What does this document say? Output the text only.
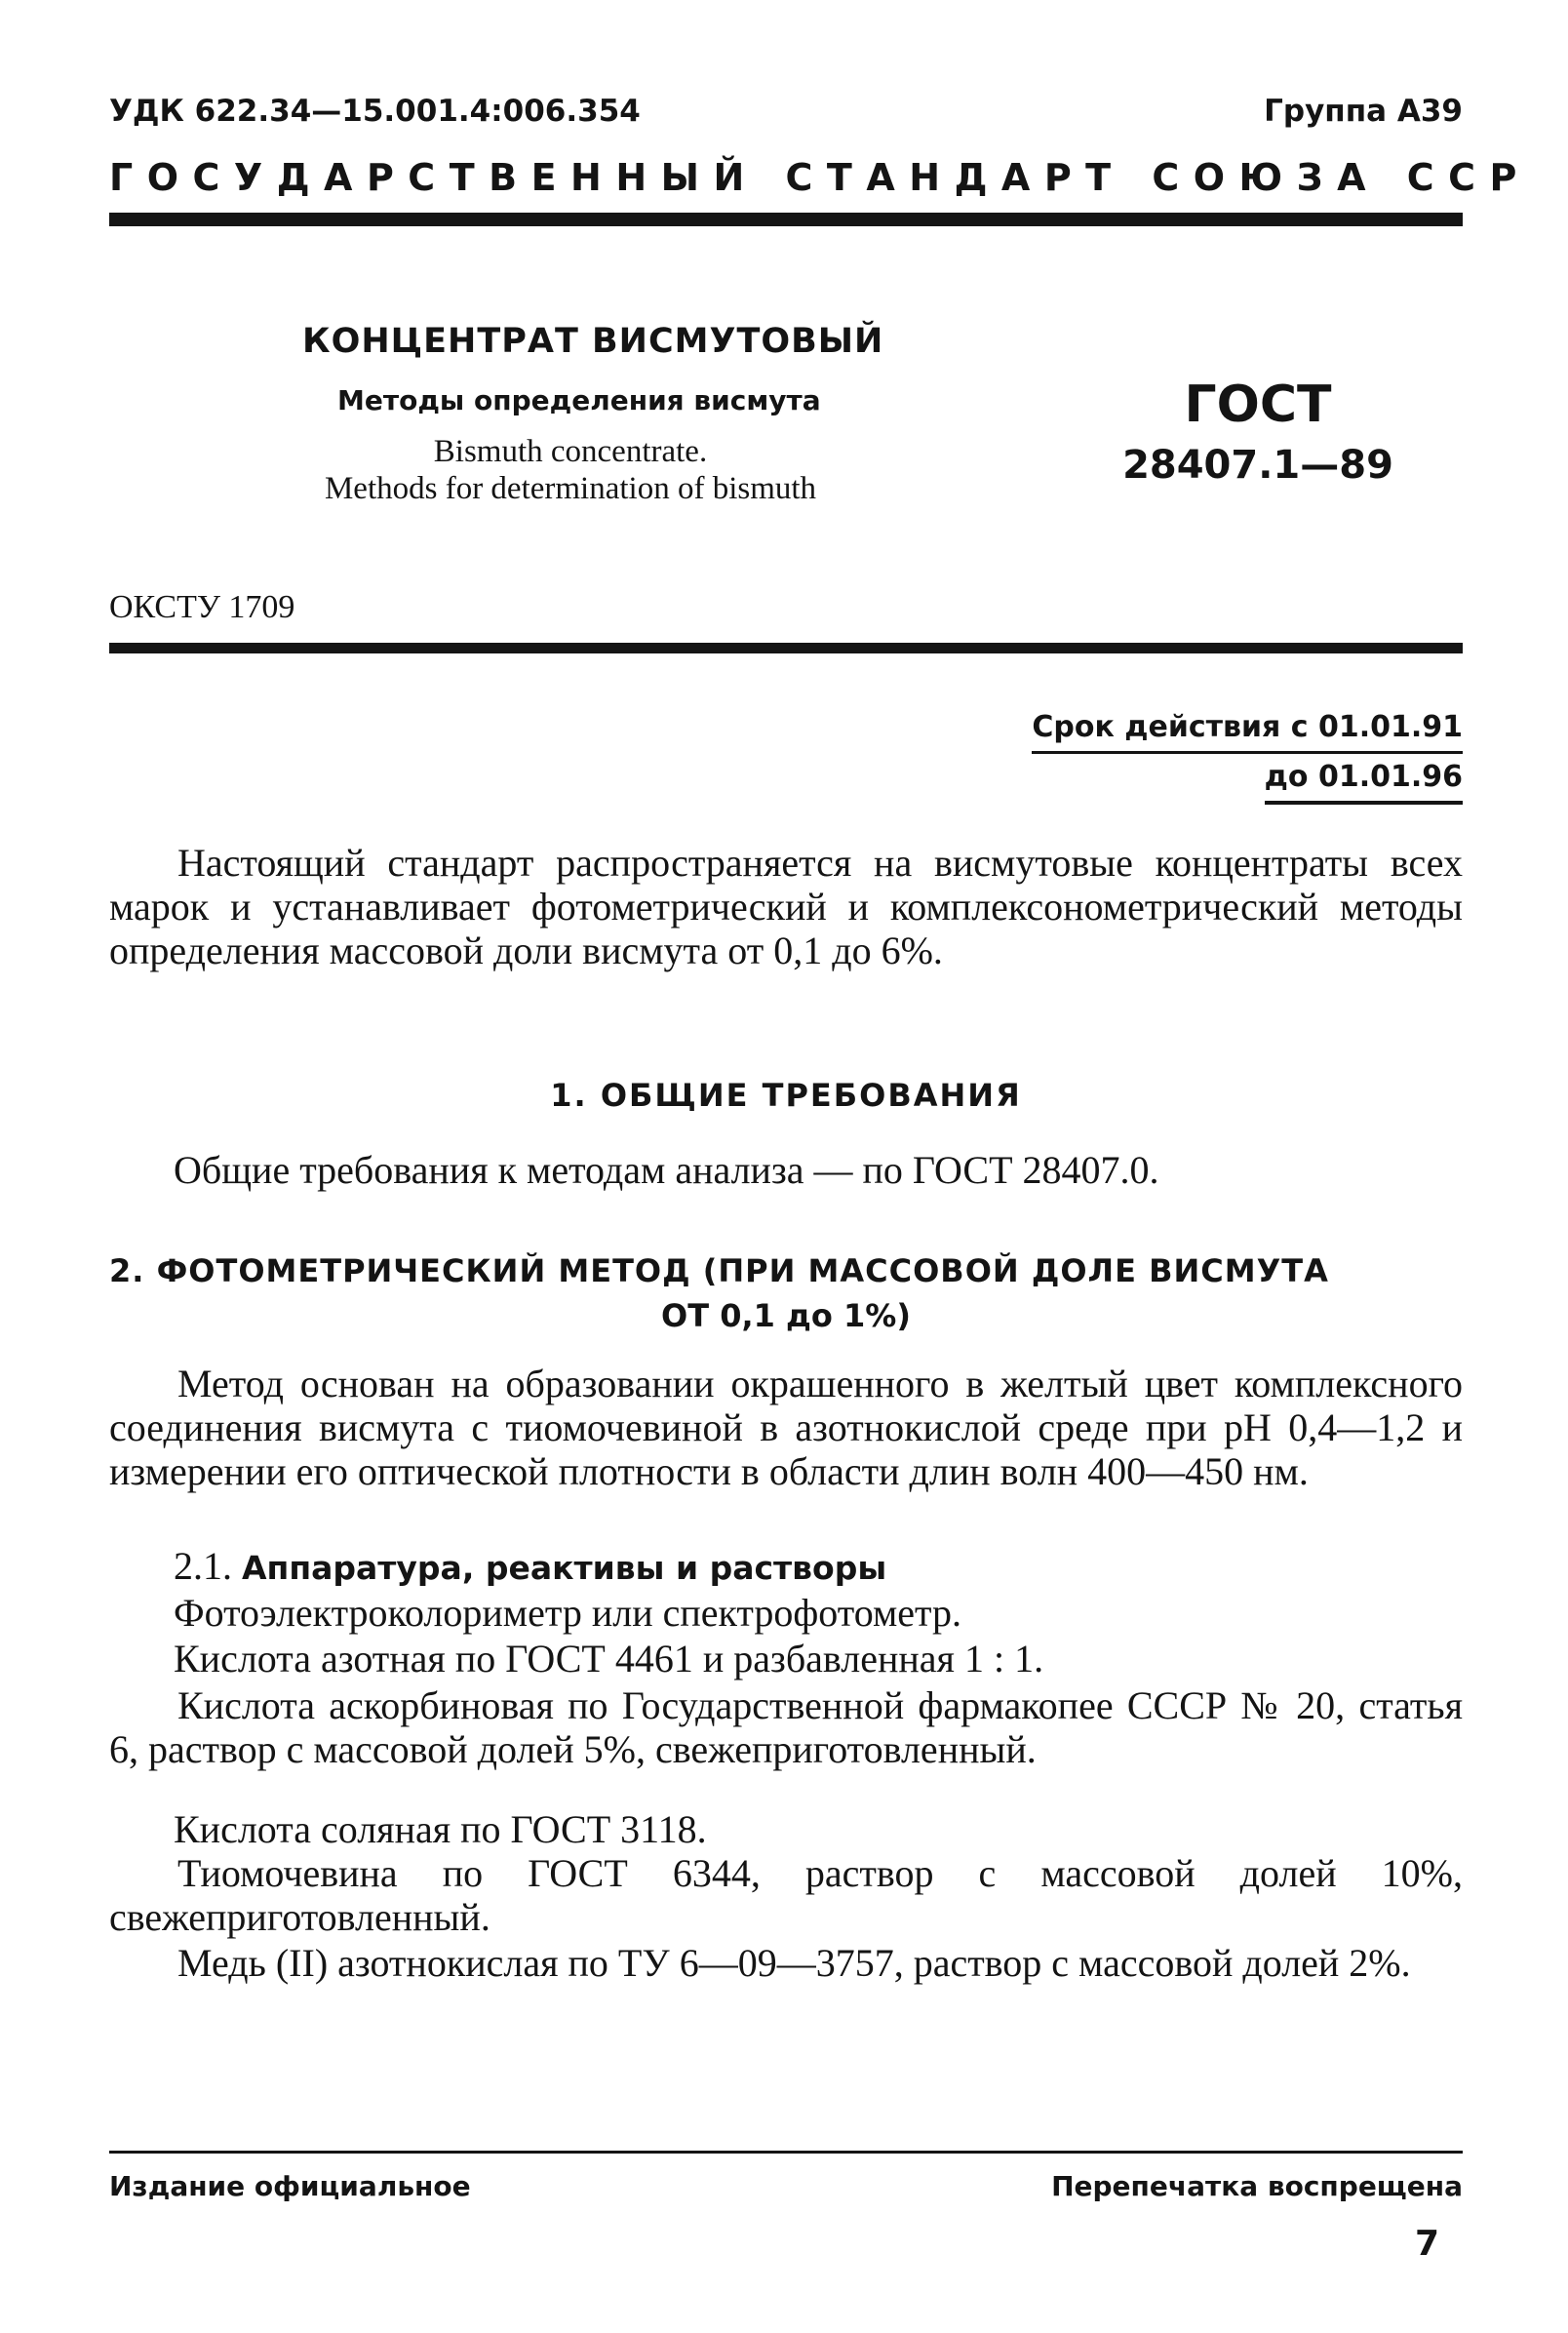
УДК 622.34—15.001.4:006.354	Группа А39
ГОСУДАРСТВЕННЫЙ СТАНДАРТ СОЮЗА ССР
КОНЦЕНТРАТ ВИСМУТОВЫЙ
Методы определения висмута
Bismuth concentrate.
Methods for determination of bismuth
ГОСТ
28407.1—89
ОКСТУ 1709
Срок действия с 01.01.91
до 01.01.96
Настоящий стандарт распространяется на висмутовые концентраты всех марок и устанавливает фотометрический и комплексонометрический методы определения массовой доли висмута от 0,1 до 6%.
1. ОБЩИЕ ТРЕБОВАНИЯ
Общие требования к методам анализа — по ГОСТ 28407.0.
2. ФОТОМЕТРИЧЕСКИЙ МЕТОД (ПРИ МАССОВОЙ ДОЛЕ ВИСМУТА
ОТ 0,1 до 1%)
Метод основан на образовании окрашенного в желтый цвет комплексного соединения висмута с тиомочевиной в азотнокислой среде при pH 0,4—1,2 и измерении его оптической плотности в области длин волн 400—450 нм.
2.1. Аппаратура, реактивы и растворы
Фотоэлектроколориметр или спектрофотометр.
Кислота азотная по ГОСТ 4461 и разбавленная 1 : 1.
Кислота аскорбиновая по Государственной фармакопее СССР № 20, статья 6, раствор с массовой долей 5%, свежеприготовленный.
Кислота соляная по ГОСТ 3118.
Тиомочевина по ГОСТ 6344, раствор с массовой долей 10%, свежеприготовленный.
Медь (II) азотнокислая по ТУ 6—09—3757, раствор с массовой долей 2%.
Издание официальное	Перепечатка воспрещена
7
